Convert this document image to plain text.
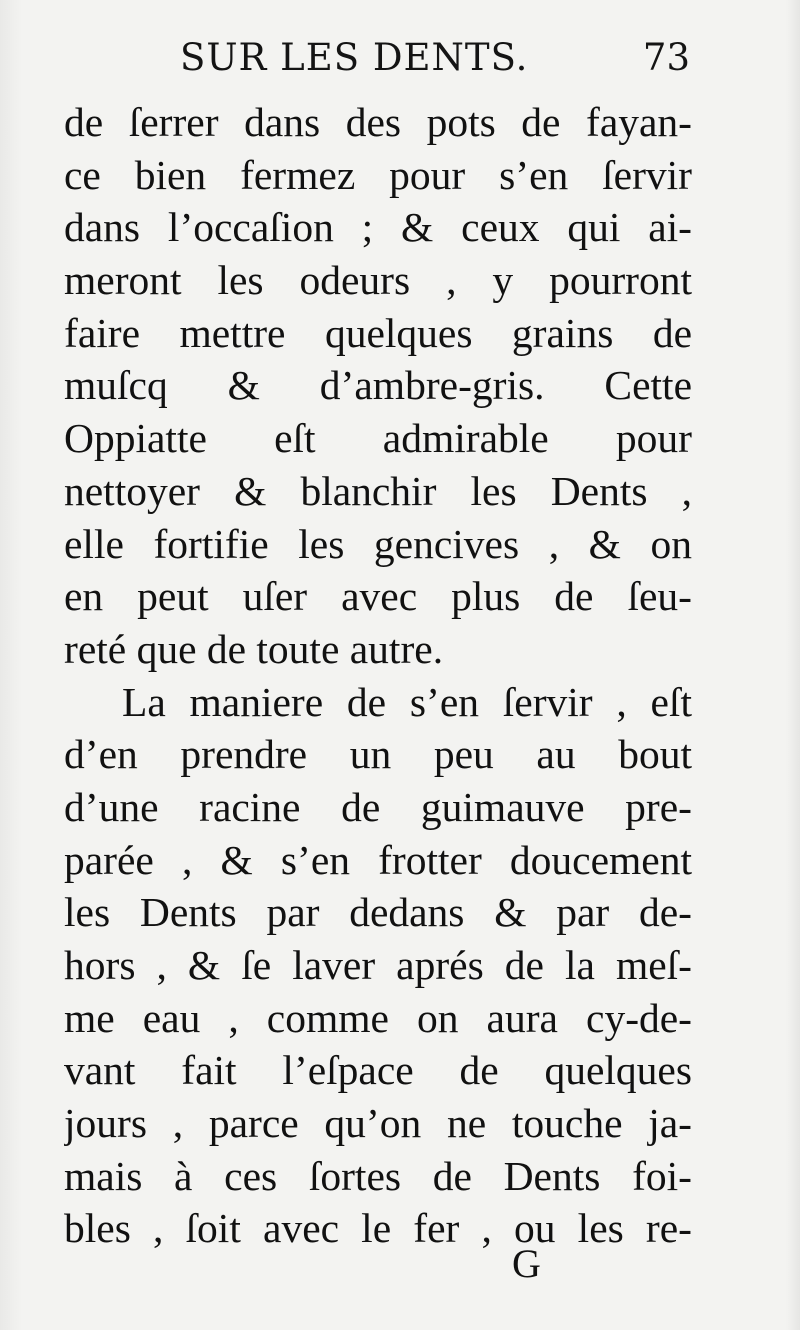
SUR LES DENTS.	73
de ſerrer dans des pots de fayan-
ce bien fermez pour s’en ſervir
dans l’occaſion ; & ceux qui ai-
meront les odeurs , y pourront
faire mettre quelques grains de
muſcq & d’ambre-gris. Cette
Oppiatte eſt admirable pour
nettoyer & blanchir les Dents ,
elle fortifie les gencives , & on
en peut uſer avec plus de ſeu-
reté que de toute autre.
La maniere de s’en ſervir , eſt
d’en prendre un peu au bout
d’une racine de guimauve pre-
parée , & s’en frotter doucement
les Dents par dedans & par de-
hors , & ſe laver aprés de la meſ-
me eau , comme on aura cy-de-
vant fait l’eſpace de quelques
jours , parce qu’on ne touche ja-
mais à ces ſortes de Dents foi-
bles , ſoit avec le fer , ou les re-
G
